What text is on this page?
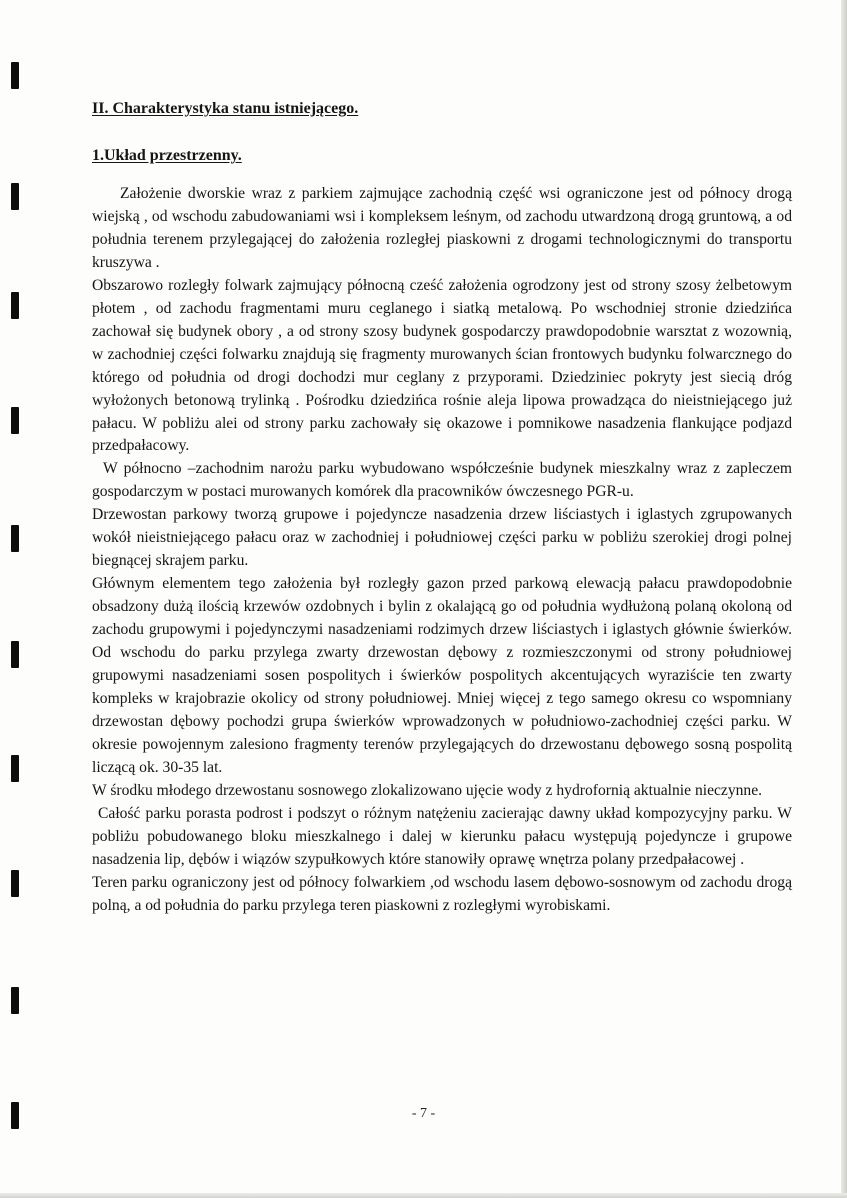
II. Charakterystyka stanu istniejącego.
1.Układ przestrzenny.

Założenie dworskie wraz z parkiem zajmujące zachodnią część wsi ograniczone jest od północy drogą wiejską , od wschodu zabudowaniami wsi i kompleksem leśnym, od zachodu utwardzoną drogą gruntową, a od południa terenem przylegającej do założenia rozległej piaskowni z drogami technologicznymi do transportu kruszywa .

Obszarowo rozległy folwark zajmujący północną cześć założenia ogrodzony jest od strony szosy żelbetowym płotem , od zachodu fragmentami muru ceglanego i siatką metalową. Po wschodniej stronie dziedzińca zachował się budynek obory , a od strony szosy budynek gospodarczy prawdopodobnie warsztat z wozownią, w zachodniej części folwarku znajdują się fragmenty murowanych ścian frontowych budynku folwarcznego do którego od południa od drogi dochodzi mur ceglany z przyporami. Dziedziniec pokryty jest siecią dróg wyłożonych betonową trylinką . Pośrodku dziedzińca rośnie aleja lipowa prowadząca do nieistniejącego już pałacu. W pobliżu alei od strony parku zachowały się okazowe i pomnikowe nasadzenia flankujące podjazd przedpałacowy.

W północno –zachodnim narożu parku wybudowano współcześnie budynek mieszkalny wraz z zapleczem gospodarczym w postaci murowanych komórek dla pracowników ówczesnego PGR-u.

Drzewostan parkowy tworzą grupowe i pojedyncze nasadzenia drzew liściastych i iglastych zgrupowanych wokół nieistniejącego pałacu oraz w zachodniej i południowej części parku w pobliżu szerokiej drogi polnej biegnącej skrajem parku.

Głównym elementem tego założenia był rozległy gazon przed parkową elewacją pałacu prawdopodobnie obsadzony dużą ilością krzewów ozdobnych i bylin z okalającą go od południa wydłużoną polaną okoloną od zachodu grupowymi i pojedynczymi nasadzeniami rodzimych drzew liściastych i iglastych głównie świerków. Od wschodu do parku przylega zwarty drzewostan dębowy z rozmieszczonymi od strony południowej grupowymi nasadzeniami sosen pospolitych i świerków pospolitych akcentujących wyraziście ten zwarty kompleks w krajobrazie okolicy od strony południowej. Mniej więcej z tego samego okresu co wspomniany drzewostan dębowy pochodzi grupa świerków wprowadzonych w południowo-zachodniej części parku. W okresie powojennym zalesiono fragmenty terenów przylegających do drzewostanu dębowego sosną pospolitą liczącą ok. 30-35 lat.

W środku młodego drzewostanu sosnowego zlokalizowano ujęcie wody z hydrofornią aktualnie nieczynne.

Całość parku porasta podrost i podszyt o różnym natężeniu zacierając dawny układ kompozycyjny parku. W pobliżu pobudowanego bloku mieszkalnego i dalej w kierunku pałacu występują pojedyncze i grupowe nasadzenia lip, dębów i wiązów szypułkowych które stanowiły oprawę wnętrza polany przedpałacowej .

Teren parku ograniczony jest od północy folwarkiem ,od wschodu lasem dębowo-sosnowym od zachodu drogą polną, a od południa do parku przylega teren piaskowni z rozległymi wyrobiskami.

- 7 -
